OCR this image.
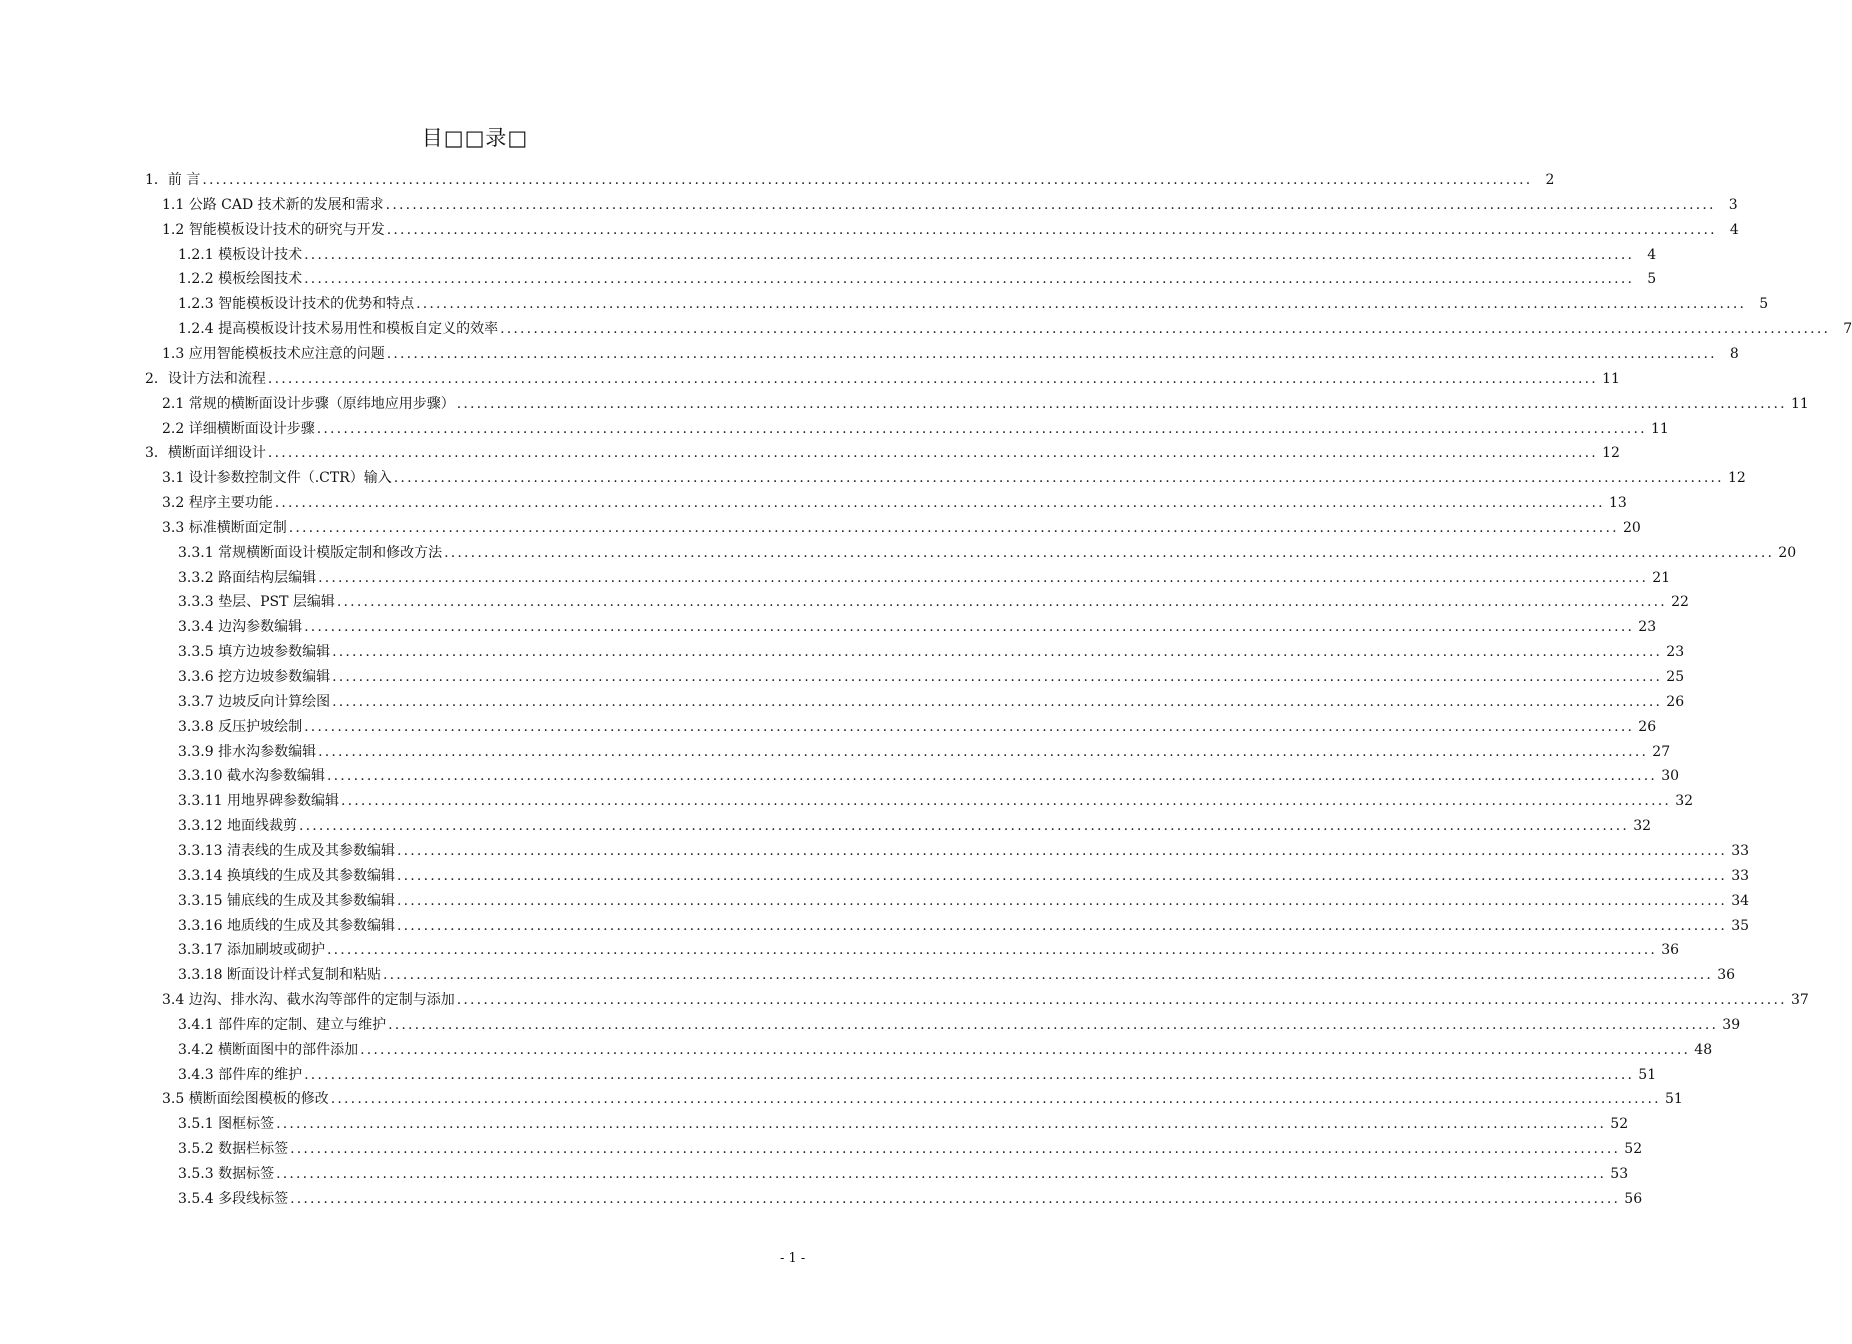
目□□录□
1．前 言 ........................................................................................................................................................................................................ 2
1.1 公路 CAD 技术新的发展和需求 ........................................................................................................................................................................................................ 3
1.2 智能模板设计技术的研究与开发 ........................................................................................................................................................................................................ 4
1.2.1 模板设计技术 ........................................................................................................................................................................................................ 4
1.2.2 模板绘图技术 ........................................................................................................................................................................................................ 5
1.2.3 智能模板设计技术的优势和特点 ........................................................................................................................................................................................................ 5
1.2.4 提高模板设计技术易用性和模板自定义的效率 ........................................................................................................................................................................................................ 7
1.3 应用智能模板技术应注意的问题 ........................................................................................................................................................................................................ 8
2．设计方法和流程 ........................................................................................................................................................................................................ 11
2.1 常规的横断面设计步骤（原纬地应用步骤） ........................................................................................................................................................................................................ 11
2.2 详细横断面设计步骤 ........................................................................................................................................................................................................ 11
3．横断面详细设计 ........................................................................................................................................................................................................ 12
3.1 设计参数控制文件（.CTR）输入 ........................................................................................................................................................................................................ 12
3.2 程序主要功能 ........................................................................................................................................................................................................ 13
3.3 标准横断面定制 ........................................................................................................................................................................................................ 20
3.3.1 常规横断面设计模版定制和修改方法 ........................................................................................................................................................................................................ 20
3.3.2 路面结构层编辑 ........................................................................................................................................................................................................ 21
3.3.3 垫层、PST 层编辑 ........................................................................................................................................................................................................ 22
3.3.4 边沟参数编辑 ........................................................................................................................................................................................................ 23
3.3.5 填方边坡参数编辑 ........................................................................................................................................................................................................ 23
3.3.6 挖方边坡参数编辑 ........................................................................................................................................................................................................ 25
3.3.7 边坡反向计算绘图 ........................................................................................................................................................................................................ 26
3.3.8 反压护坡绘制 ........................................................................................................................................................................................................ 26
3.3.9 排水沟参数编辑 ........................................................................................................................................................................................................ 27
3.3.10 截水沟参数编辑 ........................................................................................................................................................................................................ 30
3.3.11 用地界碑参数编辑 ........................................................................................................................................................................................................ 32
3.3.12 地面线裁剪 ........................................................................................................................................................................................................ 32
3.3.13 清表线的生成及其参数编辑 ........................................................................................................................................................................................................ 33
3.3.14 换填线的生成及其参数编辑 ........................................................................................................................................................................................................ 33
3.3.15 铺底线的生成及其参数编辑 ........................................................................................................................................................................................................ 34
3.3.16 地质线的生成及其参数编辑 ........................................................................................................................................................................................................ 35
3.3.17 添加刷坡或砌护 ........................................................................................................................................................................................................ 36
3.3.18 断面设计样式复制和粘贴 ........................................................................................................................................................................................................ 36
3.4 边沟、排水沟、截水沟等部件的定制与添加 ........................................................................................................................................................................................................ 37
3.4.1 部件库的定制、建立与维护 ........................................................................................................................................................................................................ 39
3.4.2 横断面图中的部件添加 ........................................................................................................................................................................................................ 48
3.4.3 部件库的维护 ........................................................................................................................................................................................................ 51
3.5 横断面绘图模板的修改 ........................................................................................................................................................................................................ 51
3.5.1 图框标签 ........................................................................................................................................................................................................ 52
3.5.2 数据栏标签 ........................................................................................................................................................................................................ 52
3.5.3 数据标签 ........................................................................................................................................................................................................ 53
3.5.4 多段线标签 ........................................................................................................................................................................................................ 56
- 1 -
